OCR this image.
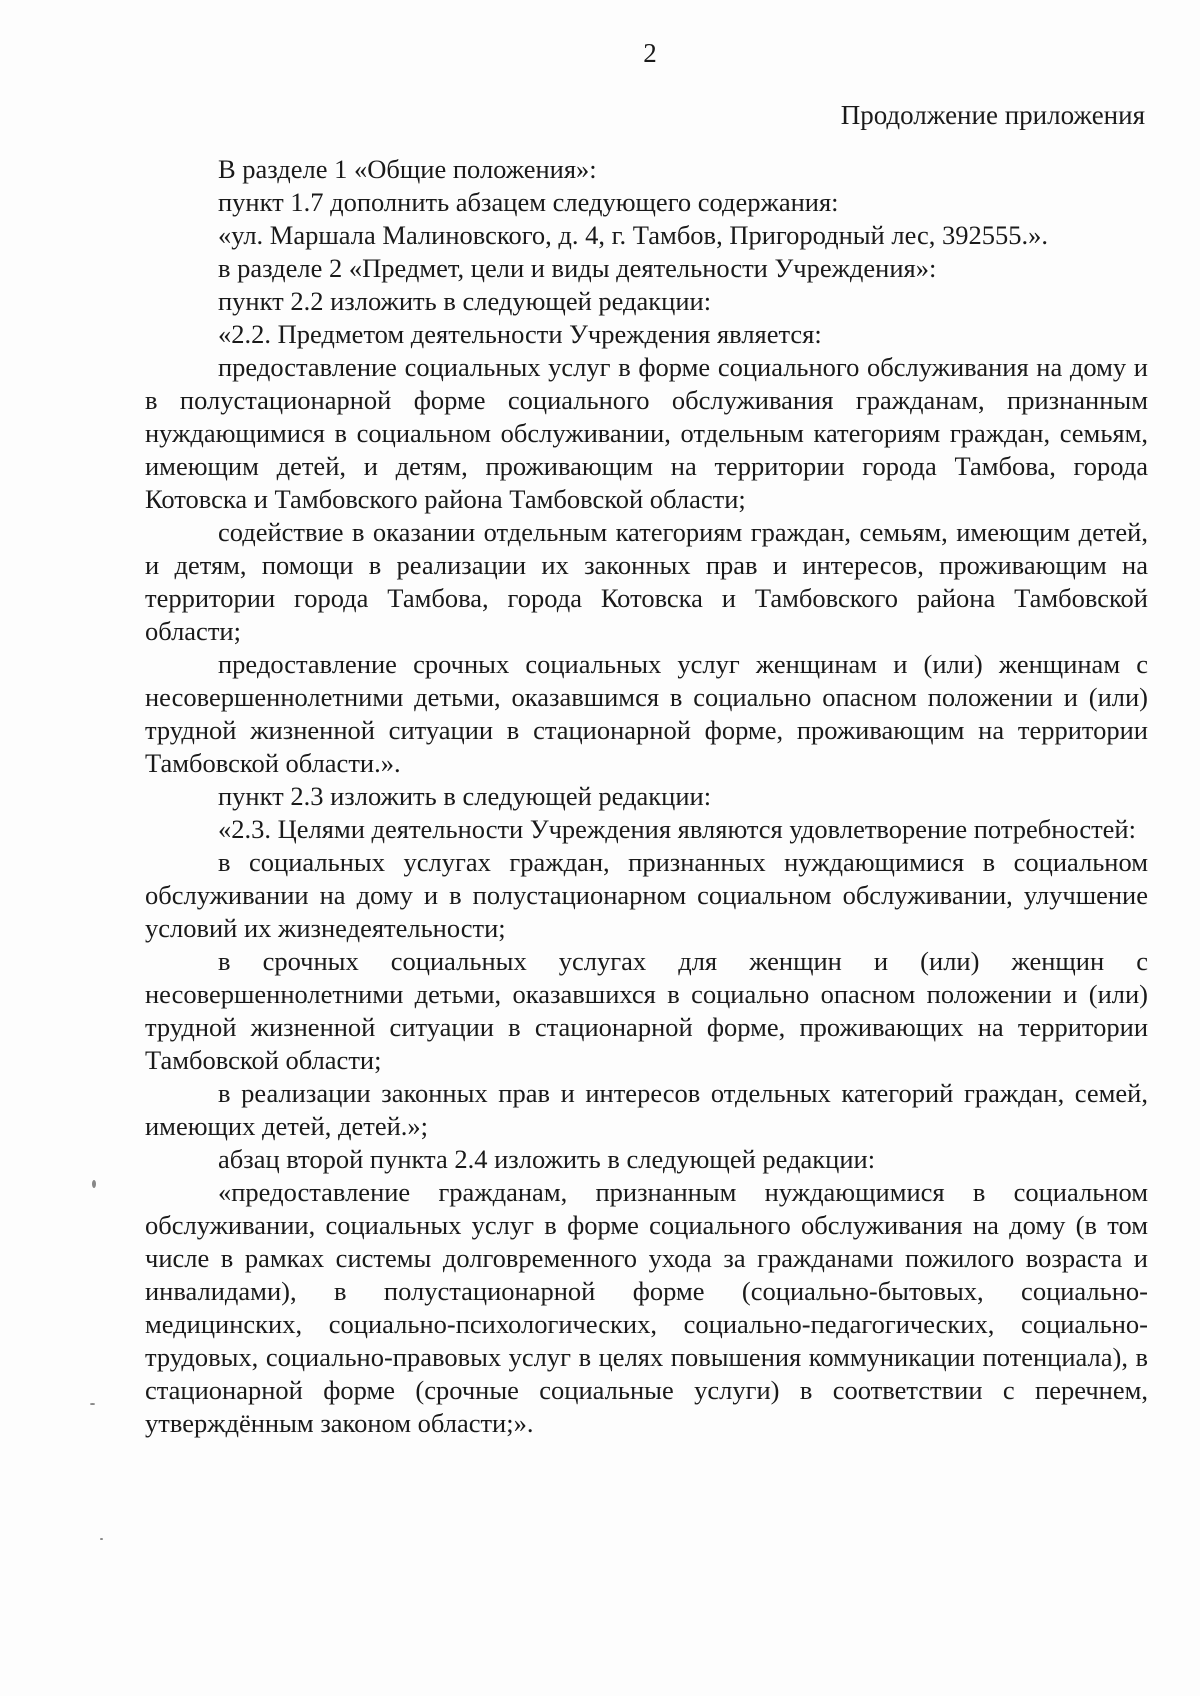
2
Продолжение приложения

В разделе 1 «Общие положения»:

пункт 1.7 дополнить абзацем следующего содержания:

«ул. Маршала Малиновского, д. 4, г. Тамбов, Пригородный лес, 392555.».

в разделе 2 «Предмет, цели и виды деятельности Учреждения»:

пункт 2.2 изложить в следующей редакции:

«2.2. Предметом деятельности Учреждения является:

предоставление социальных услуг в форме социального обслуживания на дому и в полустационарной форме социального обслуживания гражданам, признанным нуждающимися в социальном обслуживании, отдельным категориям граждан, семьям, имеющим детей, и детям, проживающим на территории города Тамбова, города Котовска и Тамбовского района Тамбовской области;

содействие в оказании отдельным категориям граждан, семьям, имеющим детей, и детям, помощи в реализации их законных прав и интересов, проживающим на территории города Тамбова, города Котовска и Тамбовского района Тамбовской области;

предоставление срочных социальных услуг женщинам и (или) женщинам с несовершеннолетними детьми, оказавшимся в социально опасном положении и (или) трудной жизненной ситуации в стационарной форме, проживающим на территории Тамбовской области.».

пункт 2.3 изложить в следующей редакции:

«2.3. Целями деятельности Учреждения являются удовлетворение потребностей:

в социальных услугах граждан, признанных нуждающимися в социальном обслуживании на дому и в полустационарном социальном обслуживании, улучшение условий их жизнедеятельности;

в срочных социальных услугах для женщин и (или) женщин с несовершеннолетними детьми, оказавшихся в социально опасном положении и (или) трудной жизненной ситуации в стационарной форме, проживающих на территории Тамбовской области;

в реализации законных прав и интересов отдельных категорий граждан, семей, имеющих детей, детей.»;

абзац второй пункта 2.4 изложить в следующей редакции:

«предоставление гражданам, признанным нуждающимися в социальном обслуживании, социальных услуг в форме социального обслуживания на дому (в том числе в рамках системы долговременного ухода за гражданами пожилого возраста и инвалидами), в полустационарной форме (социально-бытовых, социально-медицинских, социально-психологических, социально-педагогических, социально-трудовых, социально-правовых услуг в целях повышения коммуникации потенциала), в стационарной форме (срочные социальные услуги) в соответствии с перечнем, утверждённым законом области;».
